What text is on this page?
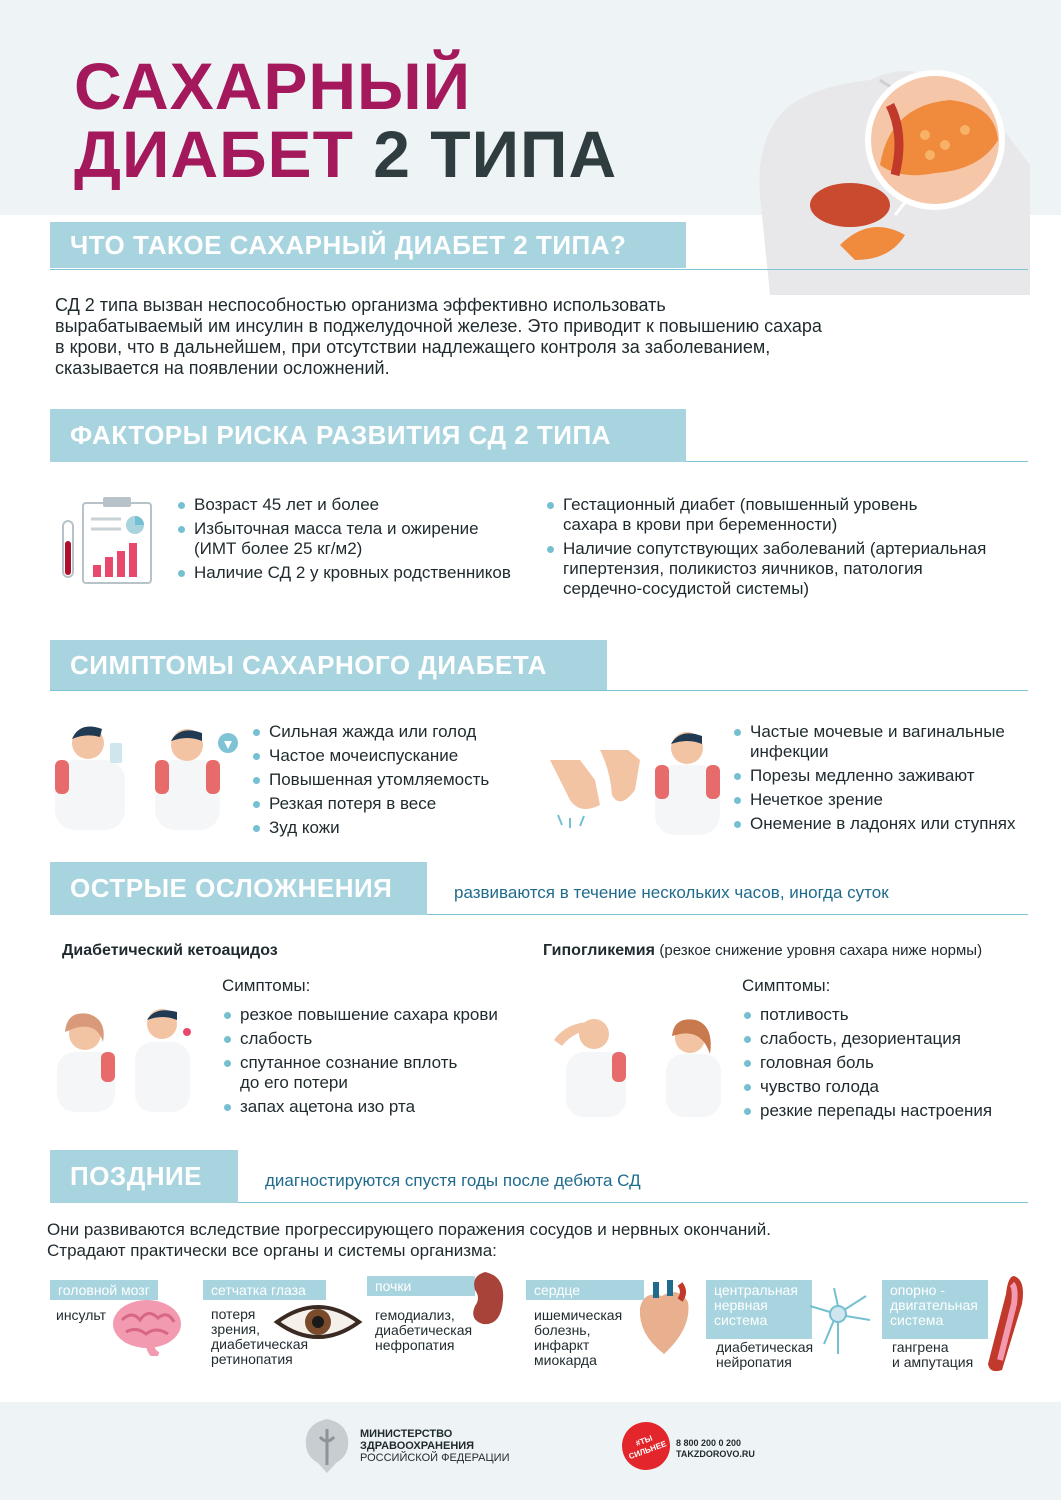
САХАРНЫЙ
ДИАБЕТ 2 ТИПА
ЧТО ТАКОЕ САХАРНЫЙ ДИАБЕТ 2 ТИПА?
СД 2 типа вызван неспособностью организма эффективно использовать
вырабатываемый им инсулин в поджелудочной железе. Это приводит к повышению сахара
в крови, что в дальнейшем, при отсутствии надлежащего контроля за заболеванием,
сказывается на появлении осложнений.
ФАКТОРЫ РИСКА РАЗВИТИЯ СД 2 ТИПА
Возраст 45 лет и более
Избыточная масса тела и ожирение
(ИМТ более 25 кг/м2)
Наличие СД 2 у кровных родственников
Гестационный диабет (повышенный уровень
сахара в крови при беременности)
Наличие сопутствующих заболеваний (артериальная
гипертензия, поликистоз яичников, патология
сердечно-сосудистой системы)
СИМПТОМЫ САХАРНОГО ДИАБЕТА
Сильная жажда или голод
Частое мочеиспускание
Повышенная утомляемость
Резкая потеря в весе
Зуд кожи
Частые мочевые и вагинальные
инфекции
Порезы медленно заживают
Нечеткое зрение
Онемение в ладонях или ступнях
ОСТРЫЕ ОСЛОЖНЕНИЯ	развиваются в течение нескольких часов, иногда суток
Диабетический кетоацидоз
Симптомы:
резкое повышение сахара крови
слабость
спутанное сознание вплоть
до его потери
запах ацетона изо рта
Гипогликемия (резкое снижение уровня сахара ниже нормы)
Симптомы:
потливость
слабость, дезориентация
головная боль
чувство голода
резкие перепады настроения
ПОЗДНИЕ	диагностируются спустя годы после дебюта СД
Они развиваются вследствие прогрессирующего поражения сосудов и нервных окончаний.
Страдают практически все органы и системы организма:
головной мозг
инсульт
сетчатка глаза
потеря
зрения,
диабетическая
ретинопатия
почки
гемодиализ,
диабетическая
нефропатия
сердце
ишемическая
болезнь,
инфаркт
миокарда
центральная
нервная
система
диабетическая
нейропатия
опорно -
двигательная
система
гангрена
и ампутация
МИНИСТЕРСТВО
ЗДРАВООХРАНЕНИЯ
РОССИЙСКОЙ ФЕДЕРАЦИИ
#ТЫ СИЛЬНЕЕ 8 800 200 0 200
TAKZDOROVO.RU
